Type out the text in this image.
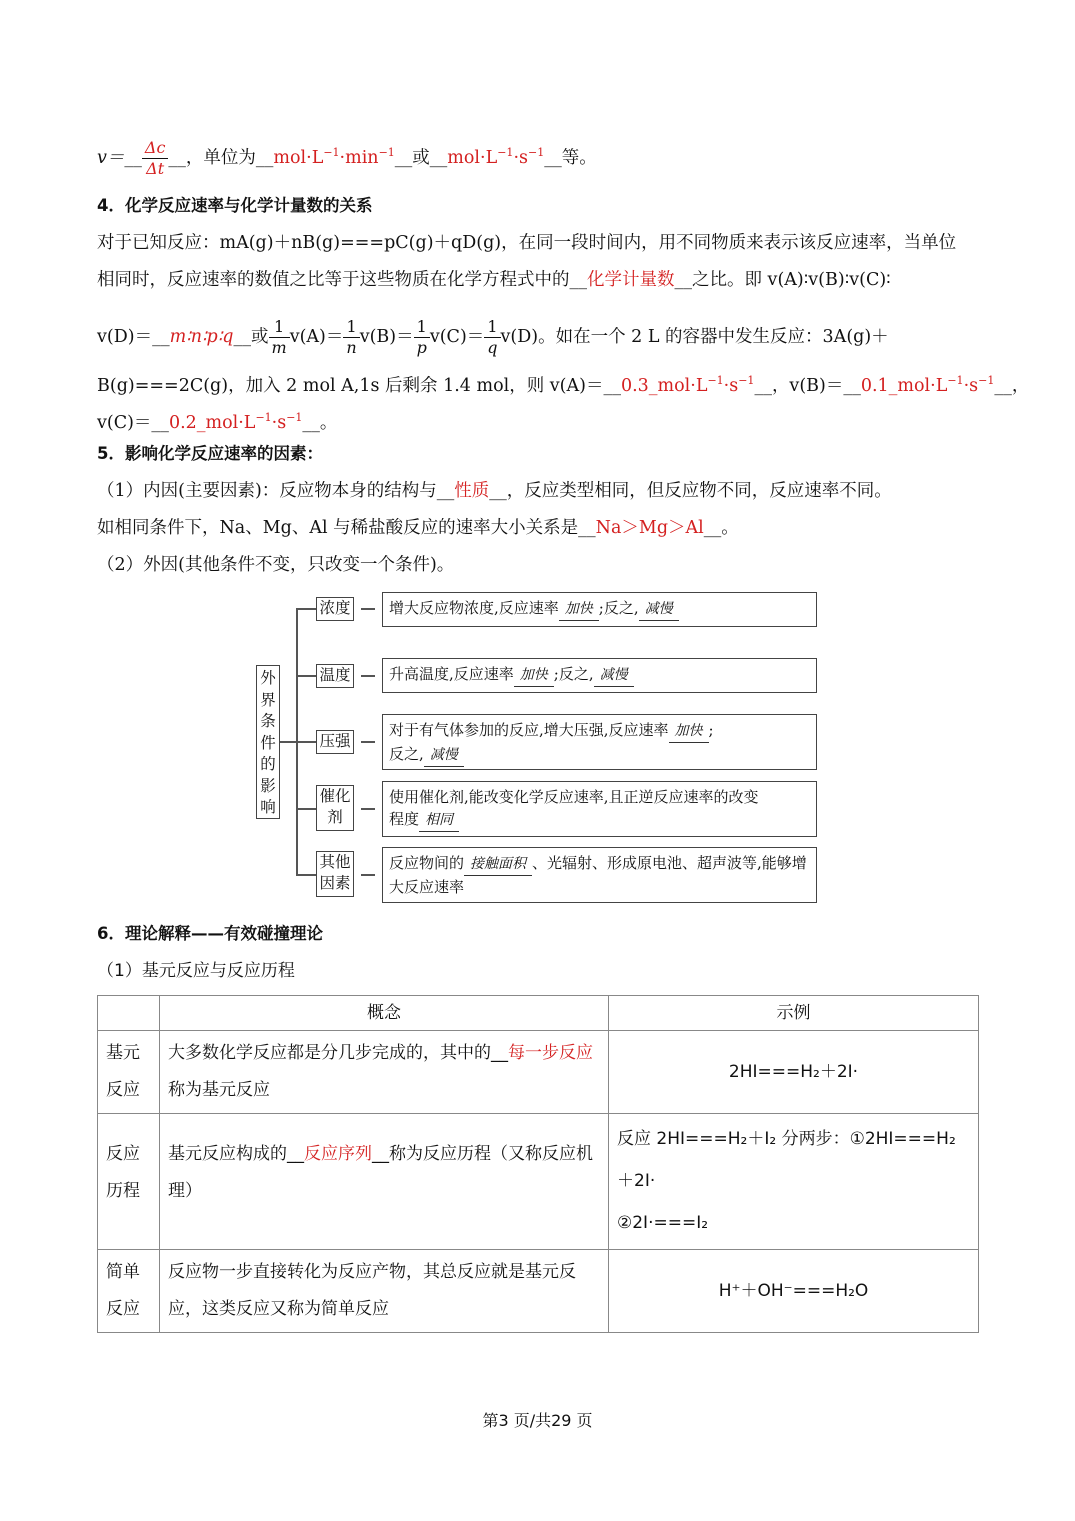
v＝__ $\frac{\Delta c}{\Delta t}$ __，单位为$\_\_mol\cdot L^{-1}\cdot\min^{-1}\_\_$或$\_\_mol\cdot L^{-1}\cdot s^{-1}\_\_$等。
4．化学反应速率与化学计量数的关系
对于已知反应：mA(g)＋nB(g)===pC(g)＋qD(g)，在同一段时间内，用不同物质来表示该反应速率，当单位
相同时，反应速率的数值之比等于这些物质在化学方程式中的__化学计量数__之比。即 v(A)∶v(B)∶v(C)∶
v(D)＝__m∶n∶p∶q__或 $\frac{1}{m} v(A)= \frac{1}{n} v(B)= \frac{1}{p} v(C)= \frac{1}{q} v(D)$。如在一个 2 L 的容器中发生反应：3A(g)＋
B(g)===2C(g)，加入 2 mol A,1s 后剩余 1.4 mol，则 $v(A)=\_\_0.3\_mol\cdot L^{-1}\cdot s^{-1}\_\_$，$v(B)=\_\_0.1\_mol\cdot L^{-1}\cdot s^{-1}\_\_$，
$v(C)=\_\_0.2\_mol\cdot L^{-1}\cdot s^{-1}\_\_$。
5．影响化学反应速率的因素：
（1）内因(主要因素)：反应物本身的结构与__性质__，反应类型相同，但反应物不同，反应速率不同。
如相同条件下，Na、Mg、Al 与稀盐酸反应的速率大小关系是__Na＞Mg＞Al__。
（2）外因(其他条件不变，只改变一个条件)。
外界条件的影响
浓度	增大反应物浓度,反应速率 加快 ;反之, 减慢
温度	升高温度,反应速率 加快 ;反之, 减慢
压强
对于有气体参加的反应,增大压强,反应速率 加快 ;
反之, 减慢
催化剂
使用催化剂,能改变化学反应速率,且正逆反应速率的改变
程度 相同
其他因素
反应物间的 接触面积 、光辐射、形成原电池、超声波等,能够增
大反应速率
6．理论解释——有效碰撞理论
（1）基元反应与反应历程
	概念	示例
基元反应	大多数化学反应都是分几步完成的，其中的__每一步反应称为基元反应	2HI===H₂＋2I·
反应历程	基元反应构成的__反应序列__称为反应历程（又称反应机理）	反应 2HI===H₂＋I₂ 分两步：①2HI===H₂＋2I·
②2I·===I₂
简单反应	反应物一步直接转化为反应产物，其总反应就是基元反应，这类反应又称为简单反应	H⁺＋OH⁻===H₂O
第3 页/共29 页
